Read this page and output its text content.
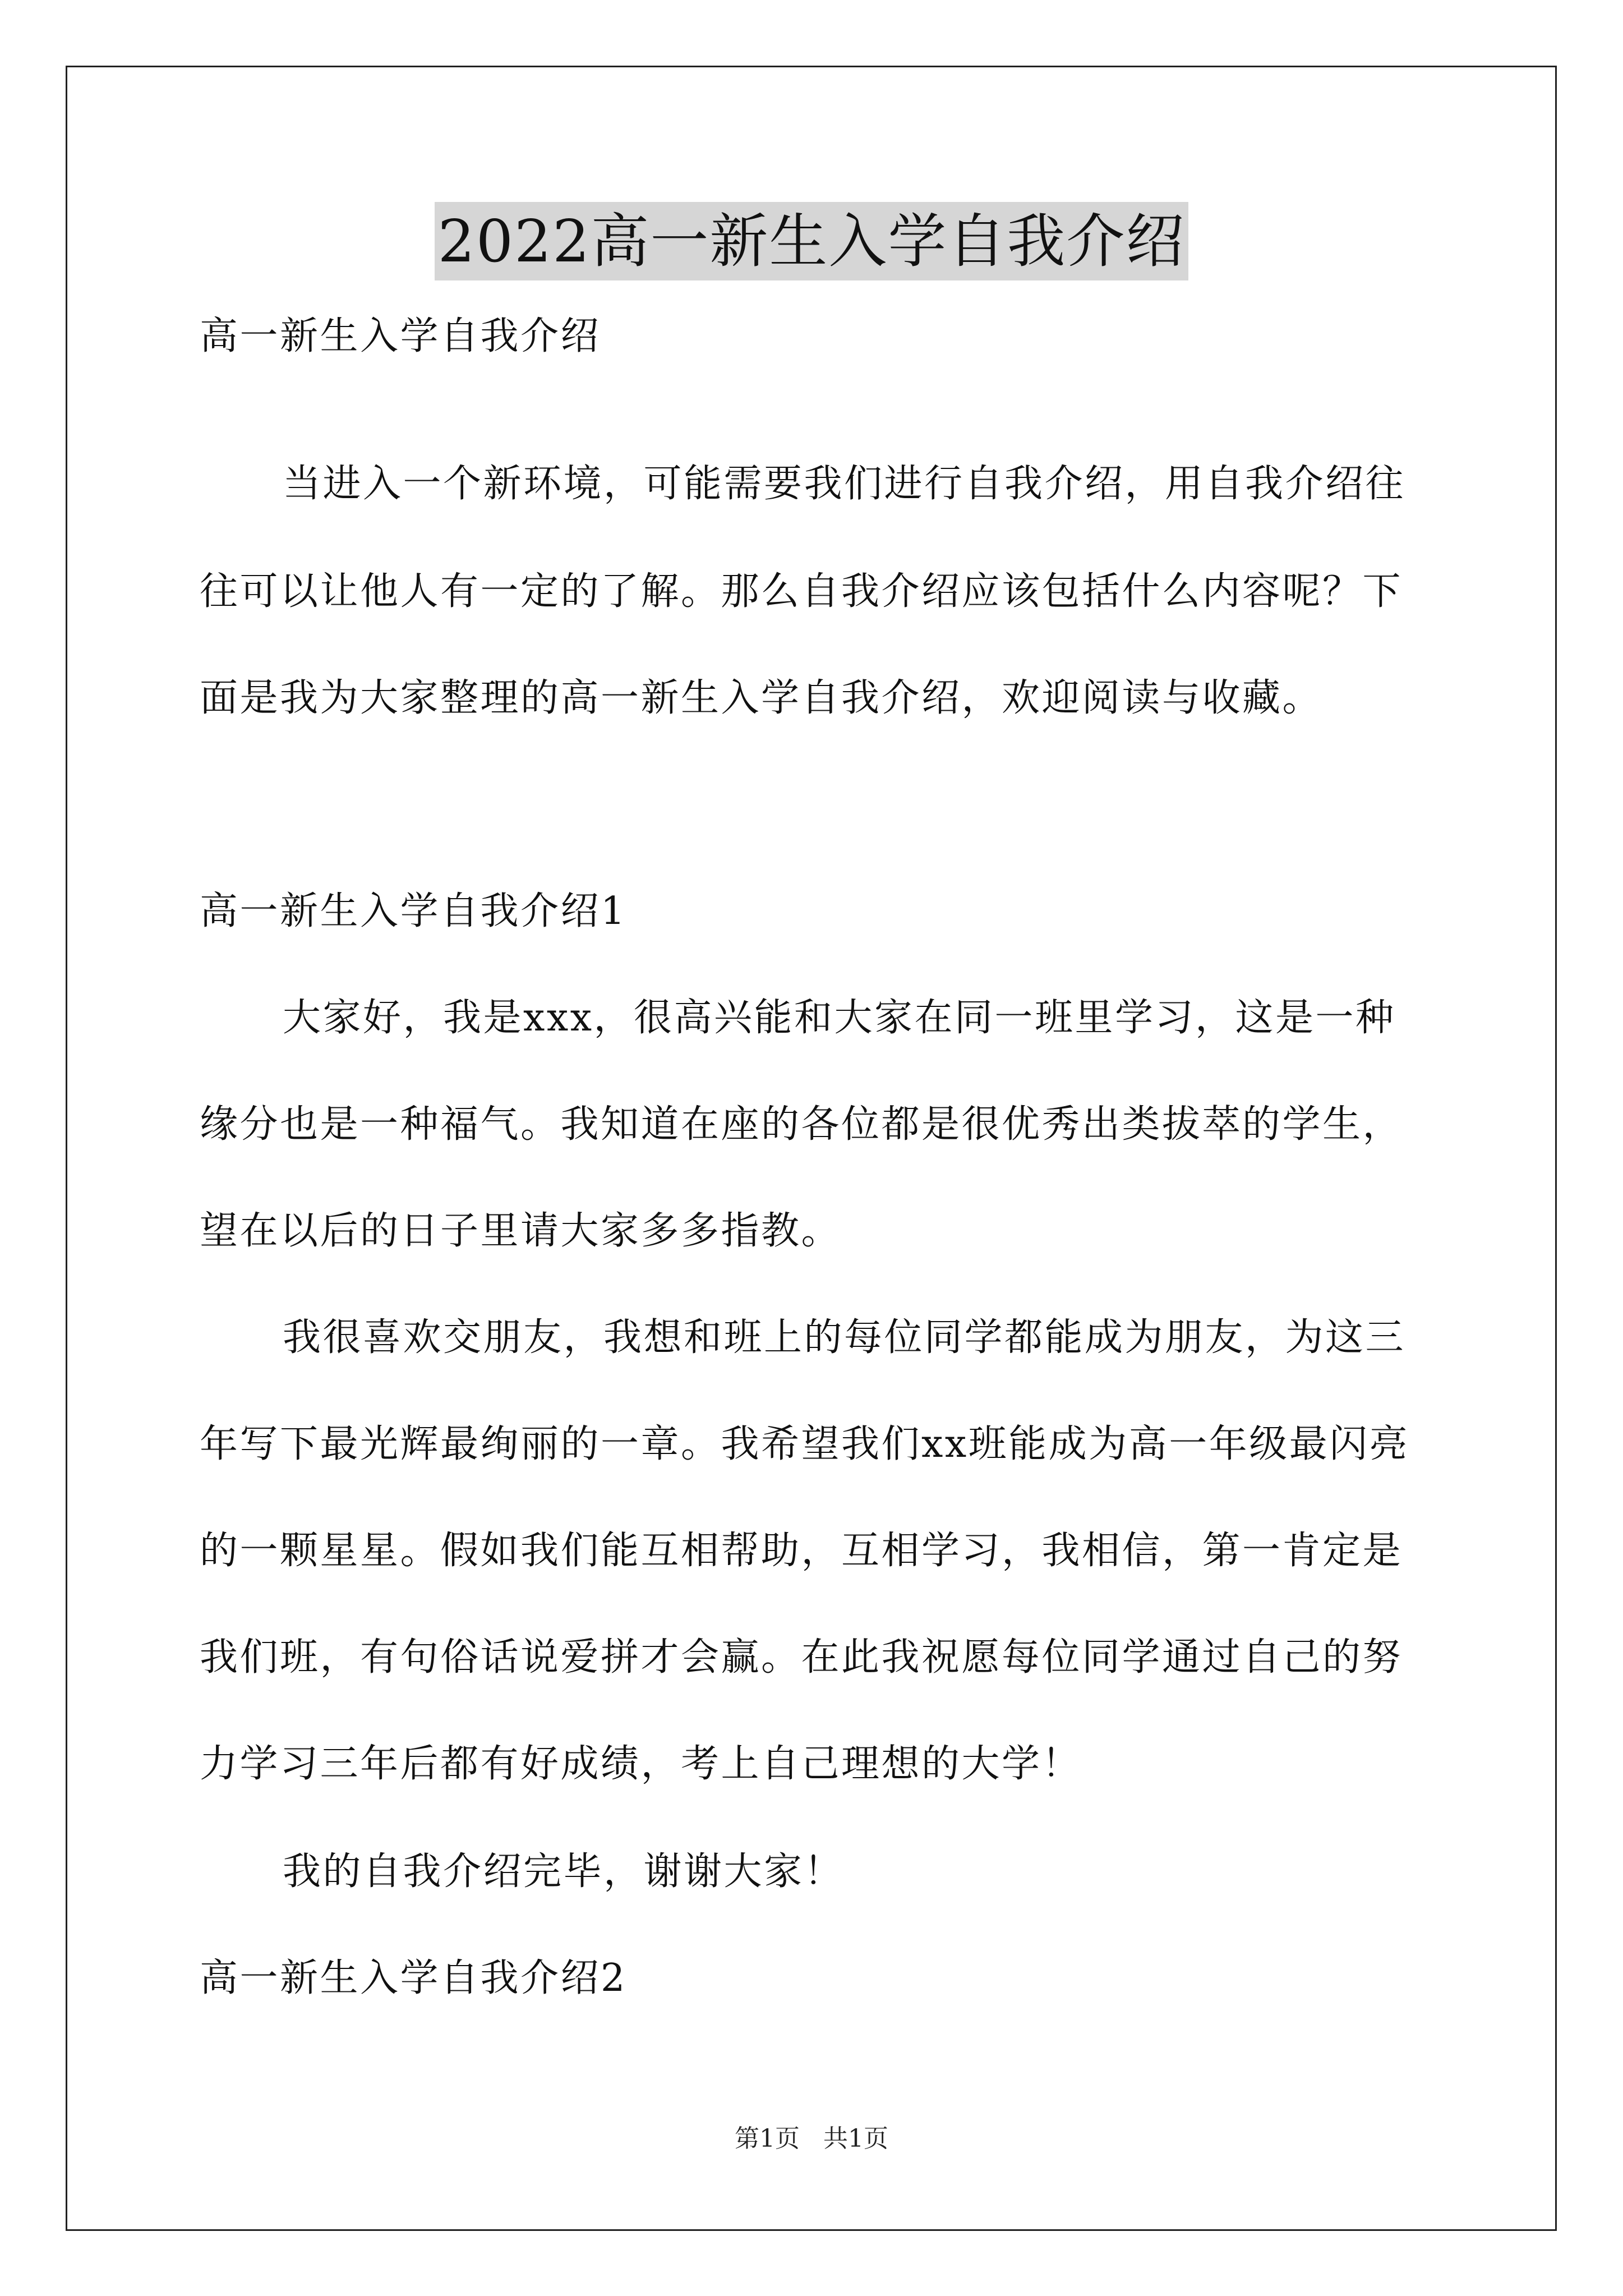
2022高一新生入学自我介绍
高一新生入学自我介绍
当进入一个新环境，可能需要我们进行自我介绍，用自我介绍往
往可以让他人有一定的了解。那么自我介绍应该包括什么内容呢？下
面是我为大家整理的高一新生入学自我介绍，欢迎阅读与收藏。
高一新生入学自我介绍1
大家好，我是xxx，很高兴能和大家在同一班里学习，这是一种
缘分也是一种福气。我知道在座的各位都是很优秀出类拔萃的学生，
望在以后的日子里请大家多多指教。
我很喜欢交朋友，我想和班上的每位同学都能成为朋友，为这三
年写下最光辉最绚丽的一章。我希望我们xx班能成为高一年级最闪亮
的一颗星星。假如我们能互相帮助，互相学习，我相信，第一肯定是
我们班，有句俗话说爱拼才会赢。在此我祝愿每位同学通过自己的努
力学习三年后都有好成绩，考上自己理想的大学！
我的自我介绍完毕，谢谢大家！
高一新生入学自我介绍2
第1页 共1页
